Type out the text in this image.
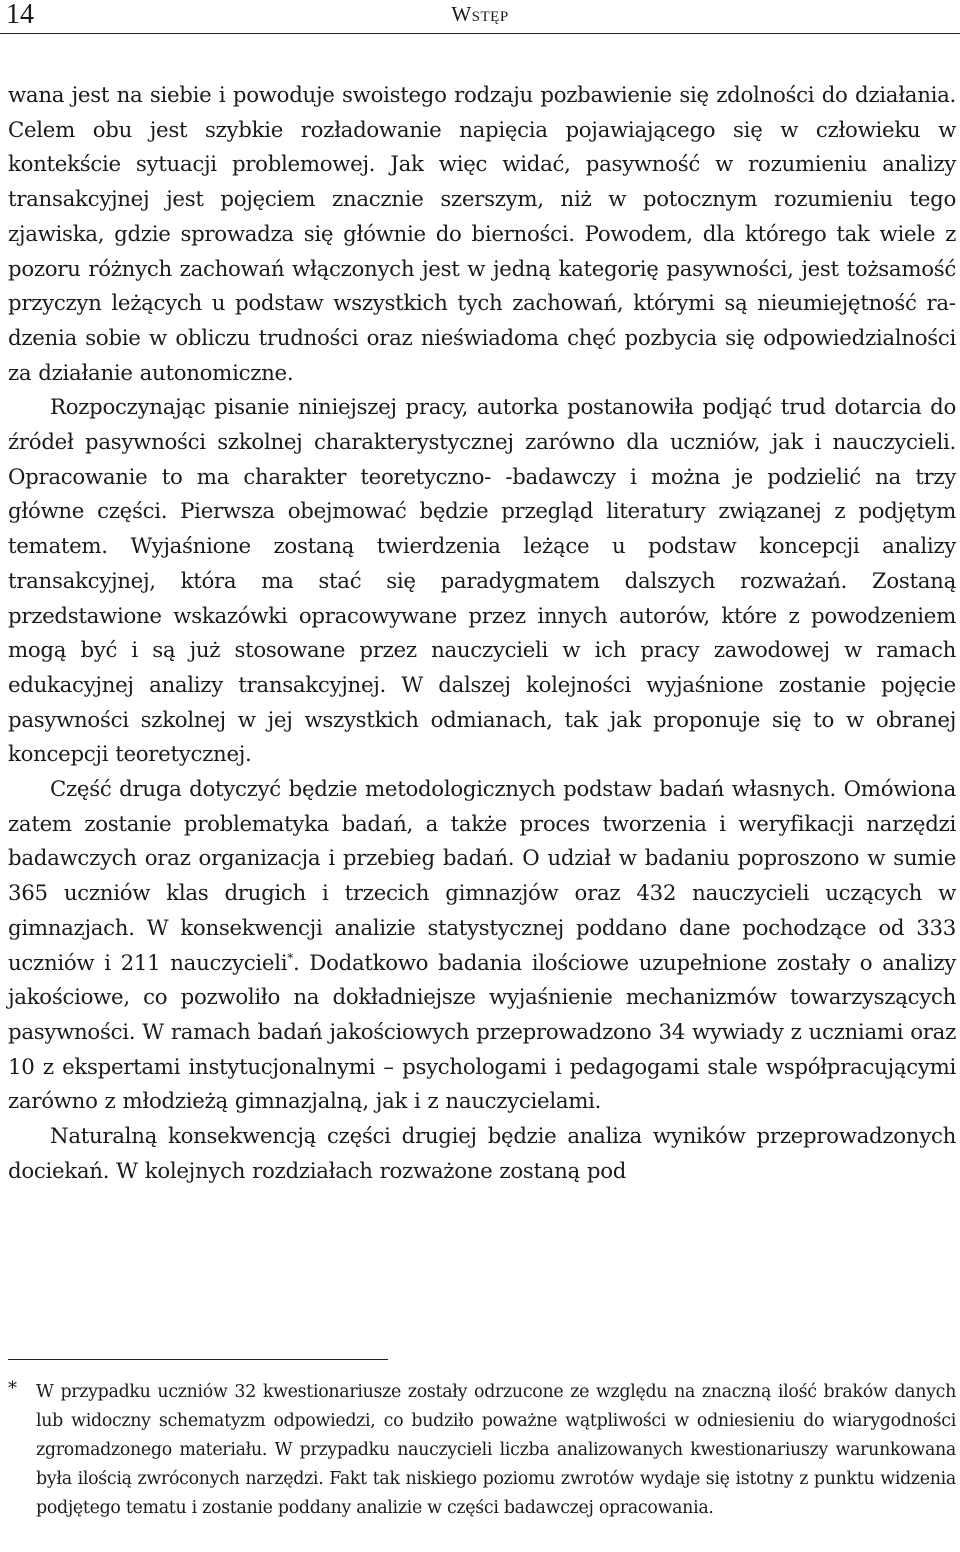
14	Wstęp

wana jest na siebie i powoduje swoistego rodzaju pozbawienie się zdolności do działania. Celem obu jest szybkie rozładowanie napięcia pojawiającego się w człowieku w kontekście sytuacji problemowej. Jak więc widać, pasywność w rozumieniu analizy transakcyjnej jest pojęciem znacznie szerszym, niż w potocznym rozumieniu tego zjawiska, gdzie sprowadza się głównie do bierności. Powodem, dla którego tak wiele z pozoru różnych zachowań włączonych jest w jedną kategorię pasywności, jest tożsamość przyczyn leżących u podstaw wszystkich tych zachowań, którymi są nieumiejętność radzenia sobie w obliczu trudności oraz nieświadoma chęć pozbycia się odpowiedzialności za działanie autonomiczne.

Rozpoczynając pisanie niniejszej pracy, autorka postanowiła podjąć trud dotarcia do źródeł pasywności szkolnej charakterystycznej zarówno dla uczniów, jak i nauczycieli. Opracowanie to ma charakter teoretyczno- -badawczy i można je podzielić na trzy główne części. Pierwsza obejmować będzie przegląd literatury związanej z podjętym tematem. Wyjaśnione zostaną twierdzenia leżące u podstaw koncepcji analizy transakcyjnej, która ma stać się paradygmatem dalszych rozważań. Zostaną przedstawione wskazówki opracowywane przez innych autorów, które z powodzeniem mogą być i są już stosowane przez nauczycieli w ich pracy zawodowej w ramach edukacyjnej analizy transakcyjnej. W dalszej kolejności wyjaśnione zostanie pojęcie pasywności szkolnej w jej wszystkich odmianach, tak jak proponuje się to w obranej koncepcji teoretycznej.

Część druga dotyczyć będzie metodologicznych podstaw badań własnych. Omówiona zatem zostanie problematyka badań, a także proces tworzenia i weryfikacji narzędzi badawczych oraz organizacja i przebieg badań. O udział w badaniu poproszono w sumie 365 uczniów klas drugich i trzecich gimnazjów oraz 432 nauczycieli uczących w gimnazjach. W konsekwencji analizie statystycznej poddano dane pochodzące od 333 uczniów i 211 nauczycieli*. Dodatkowo badania ilościowe uzupełnione zostały o analizy jakościowe, co pozwoliło na dokładniejsze wyjaśnienie mechanizmów towarzyszących pasywności. W ramach badań jakościowych przeprowadzono 34 wywiady z uczniami oraz 10 z ekspertami instytucjonalnymi – psychologami i pedagogami stale współpracującymi zarówno z młodzieżą gimnazjalną, jak i z nauczycielami.

Naturalną konsekwencją części drugiej będzie analiza wyników przeprowadzonych dociekań. W kolejnych rozdziałach rozważone zostaną pod

* W przypadku uczniów 32 kwestionariusze zostały odrzucone ze względu na znaczną ilość braków danych lub widoczny schematyzm odpowiedzi, co budziło poważne wątpliwości w odniesieniu do wiarygodności zgromadzonego materiału. W przypadku nauczycieli liczba analizowanych kwestionariuszy warunkowana była ilością zwróconych narzędzi. Fakt tak niskiego poziomu zwrotów wydaje się istotny z punktu widzenia podjętego tematu i zostanie poddany analizie w części badawczej opracowania.
